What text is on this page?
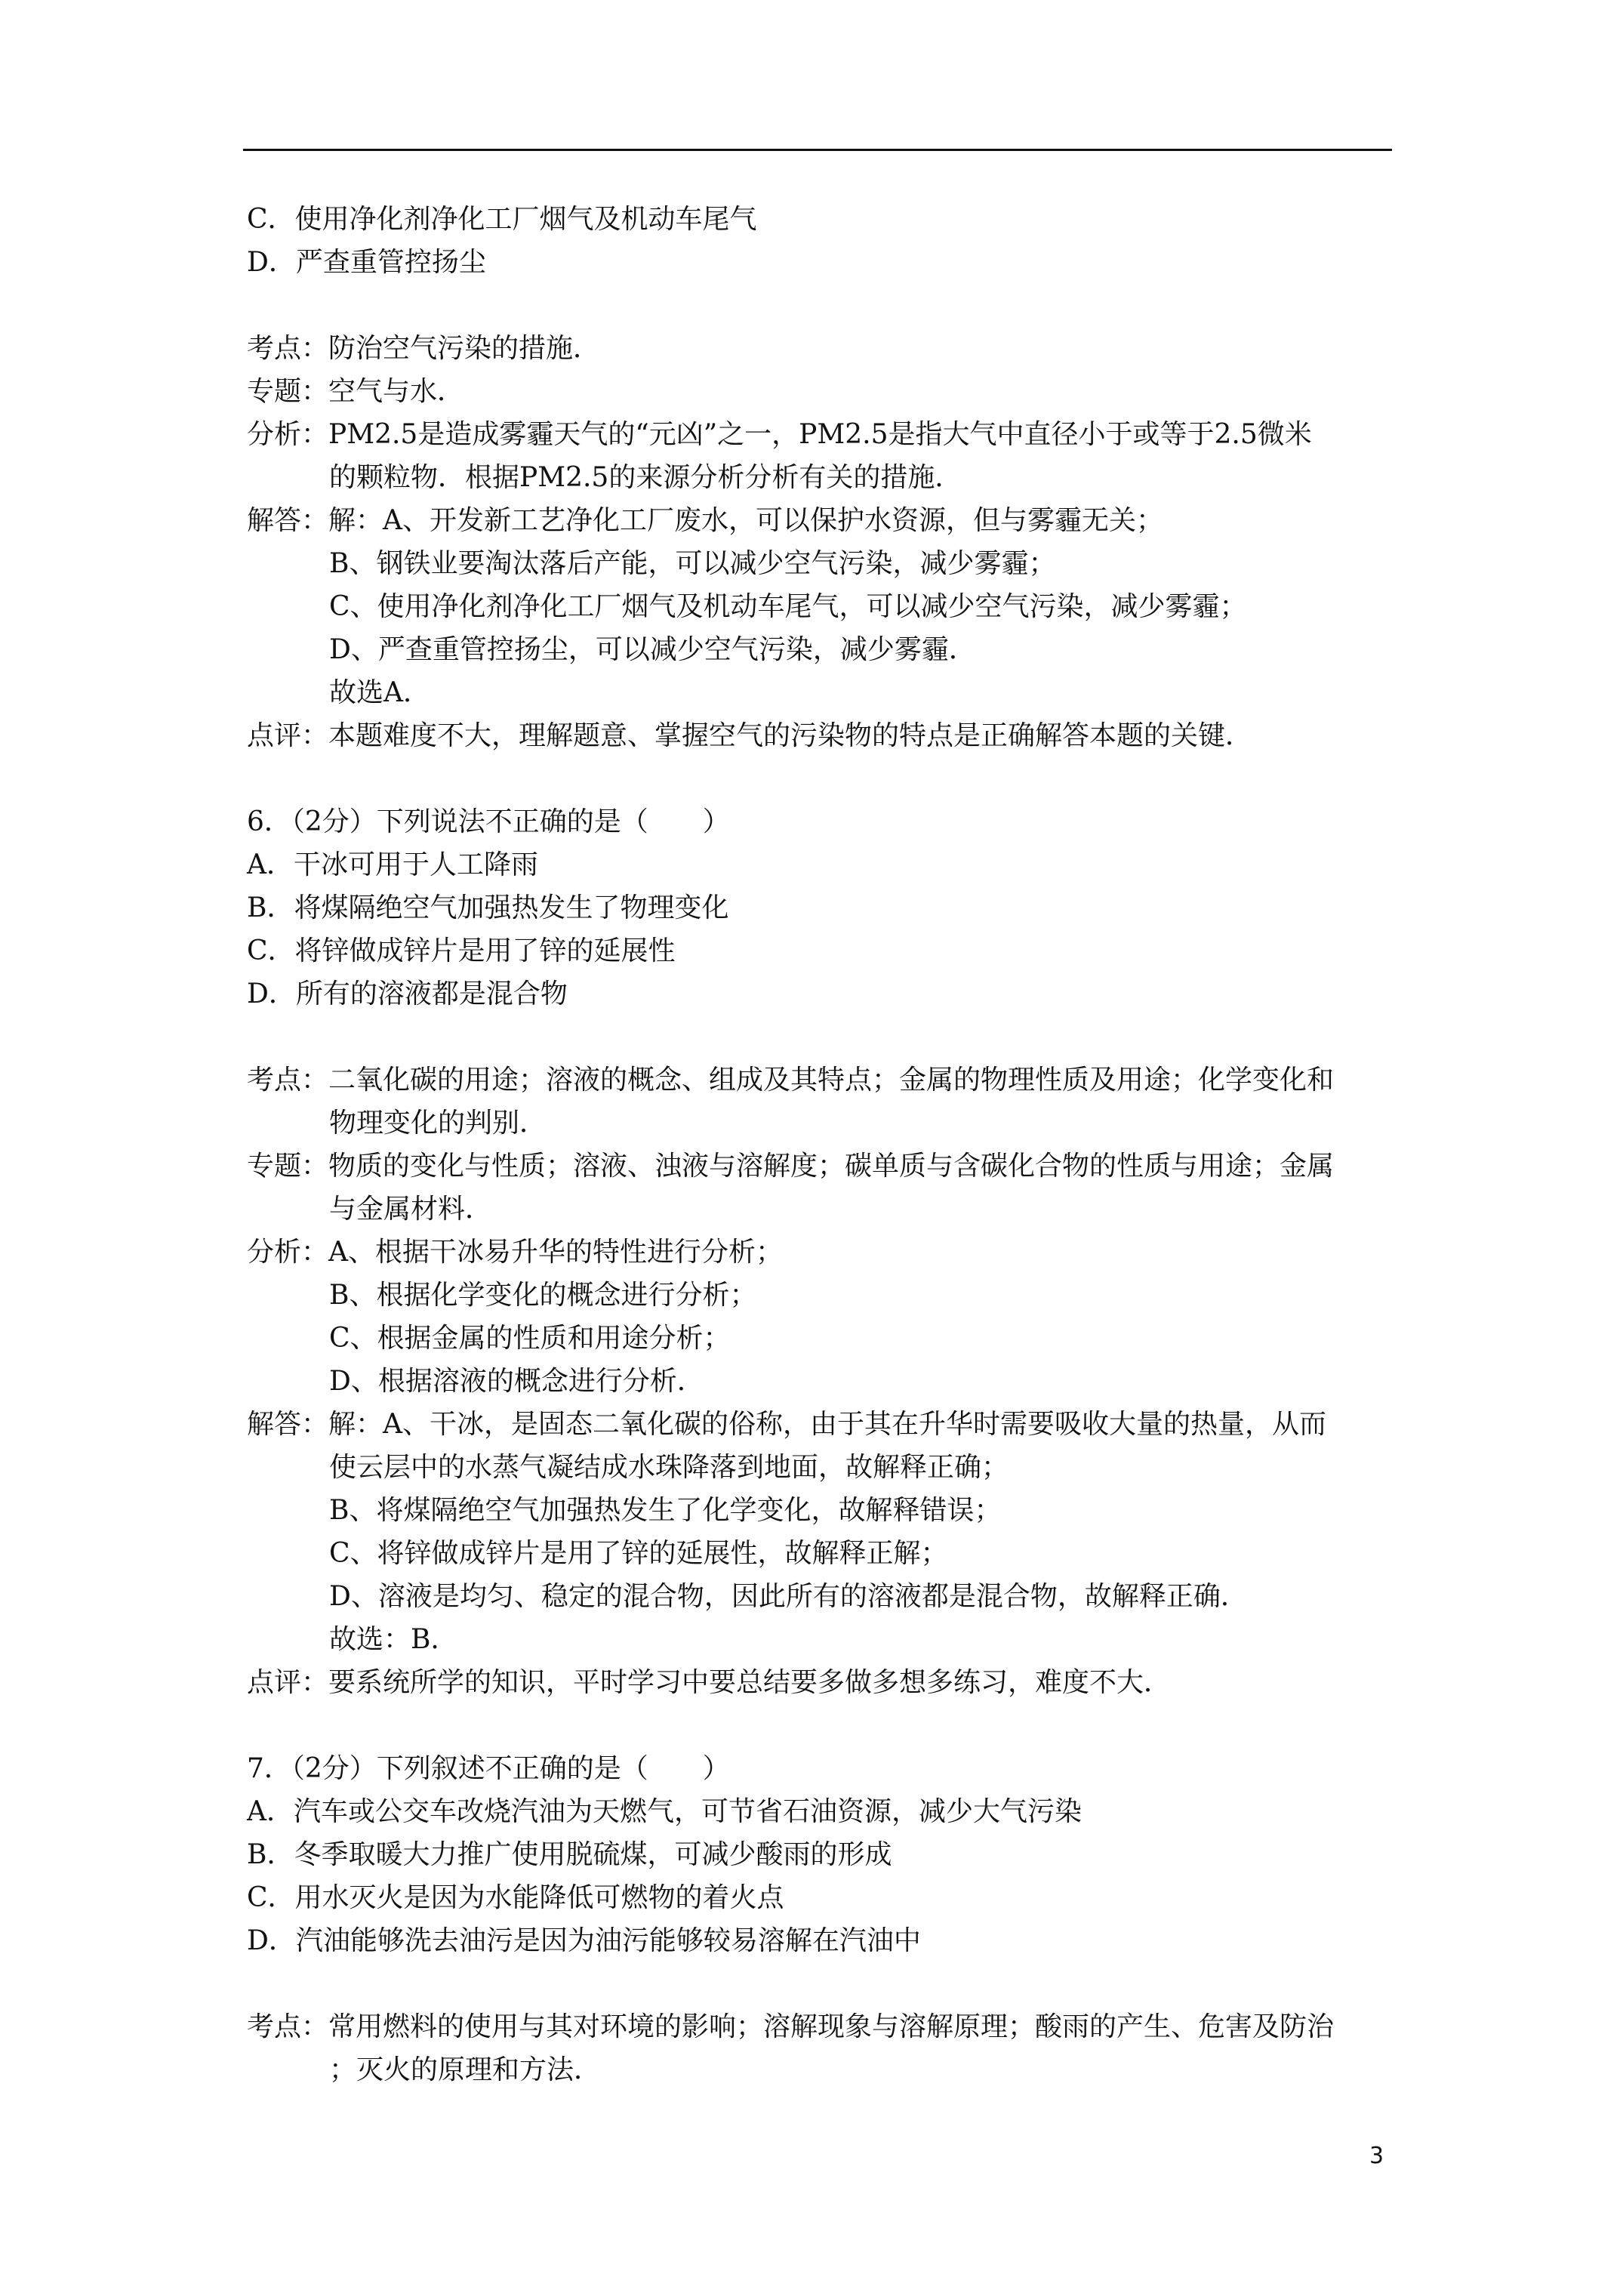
C．使用净化剂净化工厂烟气及机动车尾气
D．严查重管控扬尘
考点：防治空气污染的措施．
专题：空气与水．
分析：PM2.5是造成雾霾天气的“元凶”之一，PM2.5是指大气中直径小于或等于2.5微米
的颗粒物．根据PM2.5的来源分析分析有关的措施．
解答：解：A、开发新工艺净化工厂废水，可以保护水资源，但与雾霾无关；
B、钢铁业要淘汰落后产能，可以减少空气污染，减少雾霾；
C、使用净化剂净化工厂烟气及机动车尾气，可以减少空气污染，减少雾霾；
D、严查重管控扬尘，可以减少空气污染，减少雾霾．
故选A．
点评：本题难度不大，理解题意、掌握空气的污染物的特点是正确解答本题的关键．
6．（2分）下列说法不正确的是（　　）
A．干冰可用于人工降雨
B．将煤隔绝空气加强热发生了物理变化
C．将锌做成锌片是用了锌的延展性
D．所有的溶液都是混合物
考点：二氧化碳的用途；溶液的概念、组成及其特点；金属的物理性质及用途；化学变化和
物理变化的判别．
专题：物质的变化与性质；溶液、浊液与溶解度；碳单质与含碳化合物的性质与用途；金属
与金属材料．
分析：A、根据干冰易升华的特性进行分析；
B、根据化学变化的概念进行分析；
C、根据金属的性质和用途分析；
D、根据溶液的概念进行分析．
解答：解：A、干冰，是固态二氧化碳的俗称，由于其在升华时需要吸收大量的热量，从而
使云层中的水蒸气凝结成水珠降落到地面，故解释正确；
B、将煤隔绝空气加强热发生了化学变化，故解释错误；
C、将锌做成锌片是用了锌的延展性，故解释正解；
D、溶液是均匀、稳定的混合物，因此所有的溶液都是混合物，故解释正确．
故选：B．
点评：要系统所学的知识，平时学习中要总结要多做多想多练习，难度不大．
7．（2分）下列叙述不正确的是（　　）
A．汽车或公交车改烧汽油为天燃气，可节省石油资源，减少大气污染
B．冬季取暖大力推广使用脱硫煤，可减少酸雨的形成
C．用水灭火是因为水能降低可燃物的着火点
D．汽油能够洗去油污是因为油污能够较易溶解在汽油中
考点：常用燃料的使用与其对环境的影响；溶解现象与溶解原理；酸雨的产生、危害及防治
；灭火的原理和方法．
3
